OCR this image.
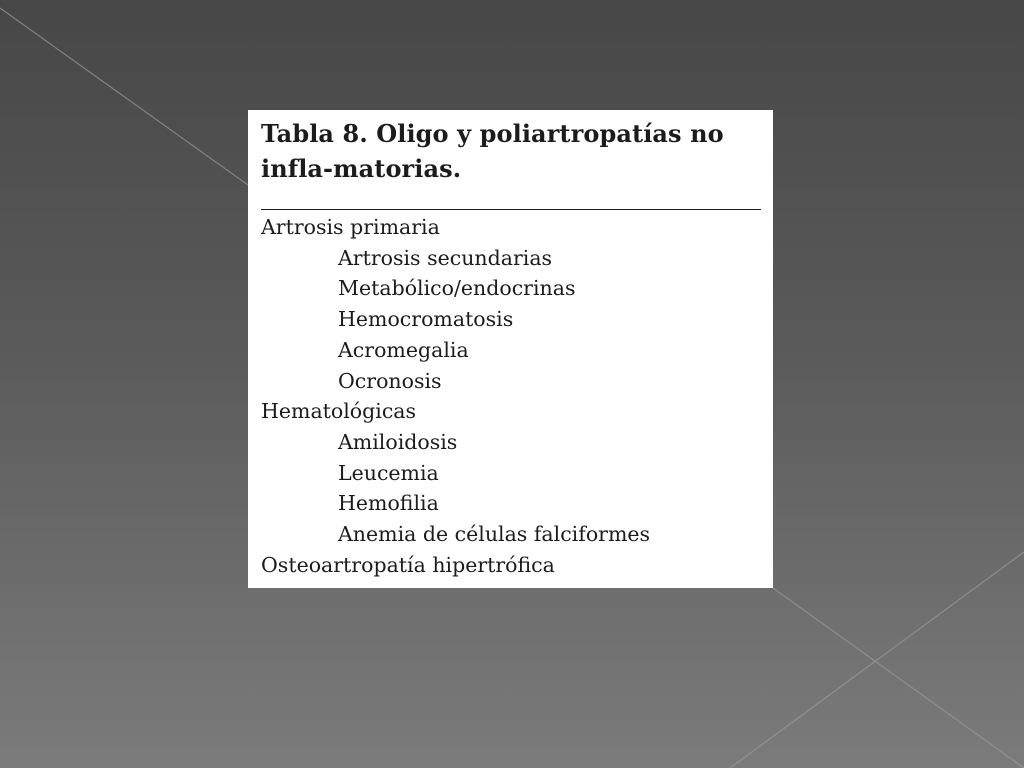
Tabla 8. Oligo y poliartropatías no infla-matorias.
Artrosis primaria
Artrosis secundarias
Metabólico/endocrinas
Hemocromatosis
Acromegalia
Ocronosis
Hematológicas
Amiloidosis
Leucemia
Hemofilia
Anemia de células falciformes
Osteoartropatía hipertrófica
